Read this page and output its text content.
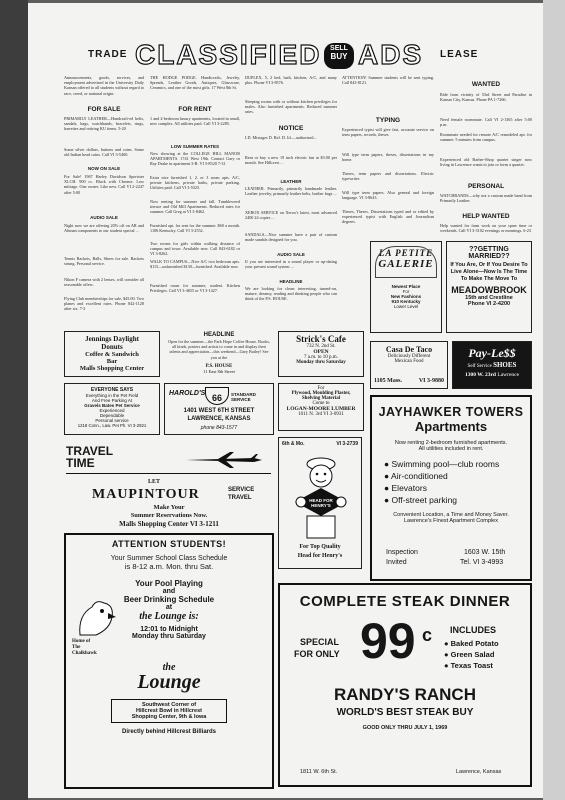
TRADE CLASSIFIED	SELL
BUY ADS LEASE
Announcements, goods, services, and employment advertised in the University Daily Kansan offered to all students without regard to race, creed, or national origin.
FOR SALE
PRIMARILY LEATHER—Handcraft-ed belts, sandals, bags, watchbands, bracelets, rings, barrettes and retiring KU items. 5-20
Some silver dollars, buttons and coins. Some old Indian head coins. Call VI 3-5400.
NOW ON SALE
For Sale! 1967 Harley Davidson Sportster XLCH. 900 cc. Black with Chrome. Low mileage. One owner. Like new. Call VI 2-2247 after 5:00
AUDIO SALE
Night now we are offering 20% off on AR and Altman components to our student special ...
Tennis Rackets, Balls, Shoes for sale. Rackets strung. Personal service.
Nikon F camera with 2 lenses, will consider all reasonable offers.
Flying Club memberships for sale, $45.00. Two planes and excellent rates. Phone 842-1128 after six. 7-3
THE HODGE PODGE. Handicrafts, Jewelry, Spreads, Leather Goods, Antiques, Glassware, Ceramics, and one of the most gifts. 17 West 8th St.
FOR RENT
1 and 2-bedroom luxury apartments, located in small, new complex. All utilities paid. Call VI 3-2285.
LOW SUMMER RATES
Now showing at the COLLEGE HILL MANOR APARTMENTS. 1741 West 19th. Contact Gary or Ray Drake in apartment 3-B. VI 3-8520 7-31
Extra nice furnished 1, 2, or 3 room apts. A/C, private kitchens, private baths, private parking. Utilities paid. Call VI 3-5525.
Now renting for summer and fall. Tumbleweed terrace and Old Mill Apartments. Reduced rates for summer. Call Greg at VI 3-8462.
Furnished apt. for rent for the summer. $60 a month. 1106 Kentucky. Call VI 3-2552.
Two rooms for girls within walking distance of campus and town. Available now. Call 843-6182 or VI 3-8262.
WALK TO CAMPUS—Nice A/C two bedroom apts. $115—unfurnished $130—furnished. Available now.
Furnished room for summer, student. Kitchen Privileges. Call VI 3-4655 or VI 3-1427.
DUPLEX, 5, 2 bed, bath, kitchen, A/C, and many plus. Phone VI 3-8576.
Sleeping rooms with or without kitchen privileges for males. Also furnished apartments. Reduced summer rates.
NOTICE
I.D. Mistages D. Ref. D. Id.—authorized...
Rent or buy a new 19 inch electric fan at $3.00 per month. See Hillcrest ...
LEATHER
LEATHER. Primarily, primarily handmade leather. Leather jewelry, primarily leather belts, leather bags ...
XEROX SERVICE on Xerox's latest, most advanced 2400 24 copies ...
SANDALS—Nice summer have a pair of custom made sandals designed for you.
AUDIO SALE
If you are interested in a sound player or up-dating your present sound system ...
HEADLINE
We are looking for clean: interesting, turned-on, mature, dreamy, reading and thinking people who can think of the P.S. HOUSE.
ATTENTION! Summer students will be sent typing. Call 843-8121.
TYPING
Experienced typist will give fast, accurate service on term papers, records, theses.
Will type term papers, theses, dissertations in my home.
Theses, term papers and dissertations. Electric typewriter.
Will type term papers. Also general and foreign language. VI 3-8643.
Theses, Theses. Dissertations typed and or edited by experienced typist with English and Journalism degrees.
WANTED
Ride from vicinity of 53rd Street and Paradise in Kansas City, Kansas. Phone PA 1-7266.
Need female roommate. Call VI 2-1365 after 5:00 p.m.
Roommate needed for remote A/C remodeled apt. for summer. 5 minutes from campus.
Experienced old Barber-Shop quartet singer now living in Lawrence wants to join or form a quartet.
PERSONAL
WATCHBANDS—why not a custom made band from Primarily Leather.
HELP WANTED
Help wanted for farm work on your spare time or weekends. Call VI 3-3102 evenings or mornings. 6-23
Jennings Daylight
Donuts
Coffee & Sandwich
Bar
Malls Shopping Center
EVERYONE SAYS
Everything in the Pet Field
And Free Parking At
Gravels Bates Pet Service
Experienced
Dependable
Personal service
1218 Conn., Law. Pet Ph. VI 3-2921
HAROLD'S 66	STANDARD SERVICE
1401 WEST 6TH STREET
LAWRENCE, KANSAS
phone 843-1577
HEADLINE
Open for the summer—the Park Hope Coffee House. Books, all kinds, posters and artists to come in and display their talents and appreciation—this weekend—Gary Bailey! See you at the
P.S. HOUSE
11 East 8th Street
Strick's Cafe
732 N. 2nd St.
OPEN
7 a.m. to 10 p.m.
Monday thru Saturday
For
Plywood, Moulding Plaster,
Shelving Material
Come to
LOGAN-MOORE LUMBER
1011 N. 3rd VI 3-0931
LA PETITE
GALERIE
Newest Place
For
New Fashions
910 Kentucky
Lower Level
??GETTING
MARRIED??
If You Are, Or If You Desire To Live Alone—Now Is The Time To Make The Move To
MEADOWBROOK
15th and Crestline
Phone VI 2-4200
Casa De Taco
Deliciously Different
Mexican Food
1105 Mass.	VI 3-9880
Pay-Le$$
Self Service SHOES
1300 W. 23rd Lawrence
TRAVEL TIME
LET
MAUPINTOUR	SERVICE
TRAVEL
Make Your
Summer Reservations Now.
Malls Shopping Center VI 3-1211
6th & Mo.	VI 3-2739
HEAD FOR HENRY'S
For Top Quality
Head for Henry's
JAYHAWKER TOWERS
Apartments
Now renting 2-bedroom furnished apartments.
All utilities included in rent.
● Swimming pool—club rooms
● Air-conditioned
● Elevators
● Off-street parking
Convenient Location, a Time and Money Saver.
Lawrence's Finest Apartment Complex
Inspection
Invited
1603 W. 15th
Tel. VI 3-4993
ATTENTION STUDENTS!
Your Summer School Class Schedule
is 8-12 a.m. Mon. thru Sat.
Your Pool Playing
and
Beer Drinking Schedule
at
the Lounge is:
12:01 to Midnight
Monday thru Saturday
Home of
The
Chalkhawk
the
Lounge
Southwest Corner of
Hillcrest Bowl in Hillcrest
Shopping Center, 9th & Iowa
Directly behind Hillcrest Billiards
COMPLETE STEAK DINNER
SPECIAL
FOR ONLY 99 c INCLUDES
● Baked Potato
● Green Salad
● Texas Toast
RANDY'S RANCH
WORLD'S BEST STEAK BUY
GOOD ONLY THRU JULY 1, 1969
1811 W. 6th St.	Lawrence, Kansas
